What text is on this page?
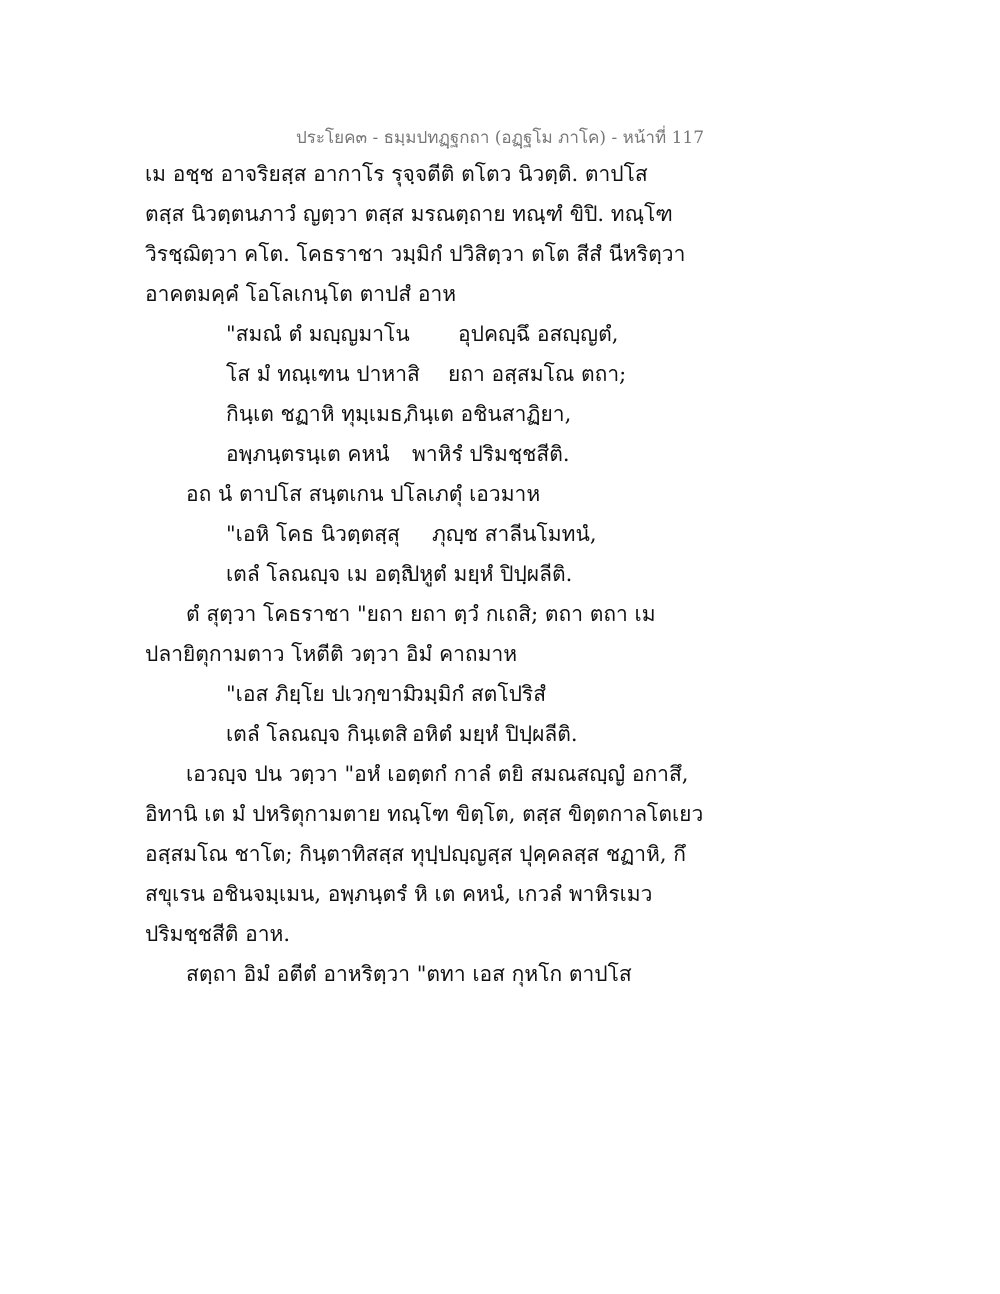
ประโยค๓ - ธมฺมปทฏฺฐกถา (อฏฺฐโม ภาโค) - หน้าที่ 117
เม อชฺช อาจริยสฺส อากาโร รุจฺจตีติ ตโตว นิวตฺติ. ตาปโส
ตสฺส นิวตฺตนภาวํ ญตฺวา ตสฺส มรณตฺถาย ทณฺฑํ ขิปิ. ทณฺโฑ
วิรชฺฌิตฺวา คโต. โคธราชา วมฺมิกํ ปวิสิตฺวา ตโต สีสํ นีหริตฺวา
อาคตมคฺคํ โอโลเกนฺโต ตาปสํ อาห
"สมณํ ตํ มญฺญมาโน อุปคญฺฉึ อสญฺญตํ,
โส มํ ทณฺเฑน ปาหาสิ ยถา อสฺสมโณ ตถา;
กินฺเต ชฏาหิ ทุมฺเมธ,
กินฺเต อชินสาฏิยา,
อพฺภนฺตรนฺเต คหนํ พาหิรํ ปริมชฺชสีติ.
อถ นํ ตาปโส สนฺตเกน ปโลเภตุํ เอวมาห
"เอหิ โคธ นิวตฺตสฺสุ ภุญฺช สาลีนโมทนํ,
เตลํ โลณญฺจ เม อตฺถิ
ปหูตํ มยฺหํ ปิปฺผลีติ.
ตํ สุตฺวา โคธราชา "ยถา ยถา ตฺวํ กเถสิ; ตถา ตถา เม
ปลายิตุกามตาว โหตีติ วตฺวา อิมํ คาถมาห
"เอส ภิยฺโย ปเวกฺขามิ
วมฺมิกํ สตโปริสํ
เตลํ โลณญฺจ กินฺเตสิ อหิตํ มยฺหํ ปิปฺผลีติ.
เอวญฺจ ปน วตฺวา "อหํ เอตฺตกํ กาลํ ตยิ สมณสญฺญํ อกาสึ,
อิทานิ เต มํ ปหริตุกามตาย ทณฺโฑ ขิตฺโต, ตสฺส ขิตฺตกาลโตเยว
อสฺสมโณ ชาโต; กินฺตาทิสสฺส ทุปฺปญฺญสฺส ปุคฺคลสฺส ชฏาหิ, กึ
สขุเรน อชินจมฺเมน, อพฺภนฺตรํ หิ เต คหนํ, เกวลํ พาหิรเมว
ปริมชฺชสีติ อาห.
สตฺถา อิมํ อตีตํ อาหริตฺวา "ตทา เอส กุหโก ตาปโส
